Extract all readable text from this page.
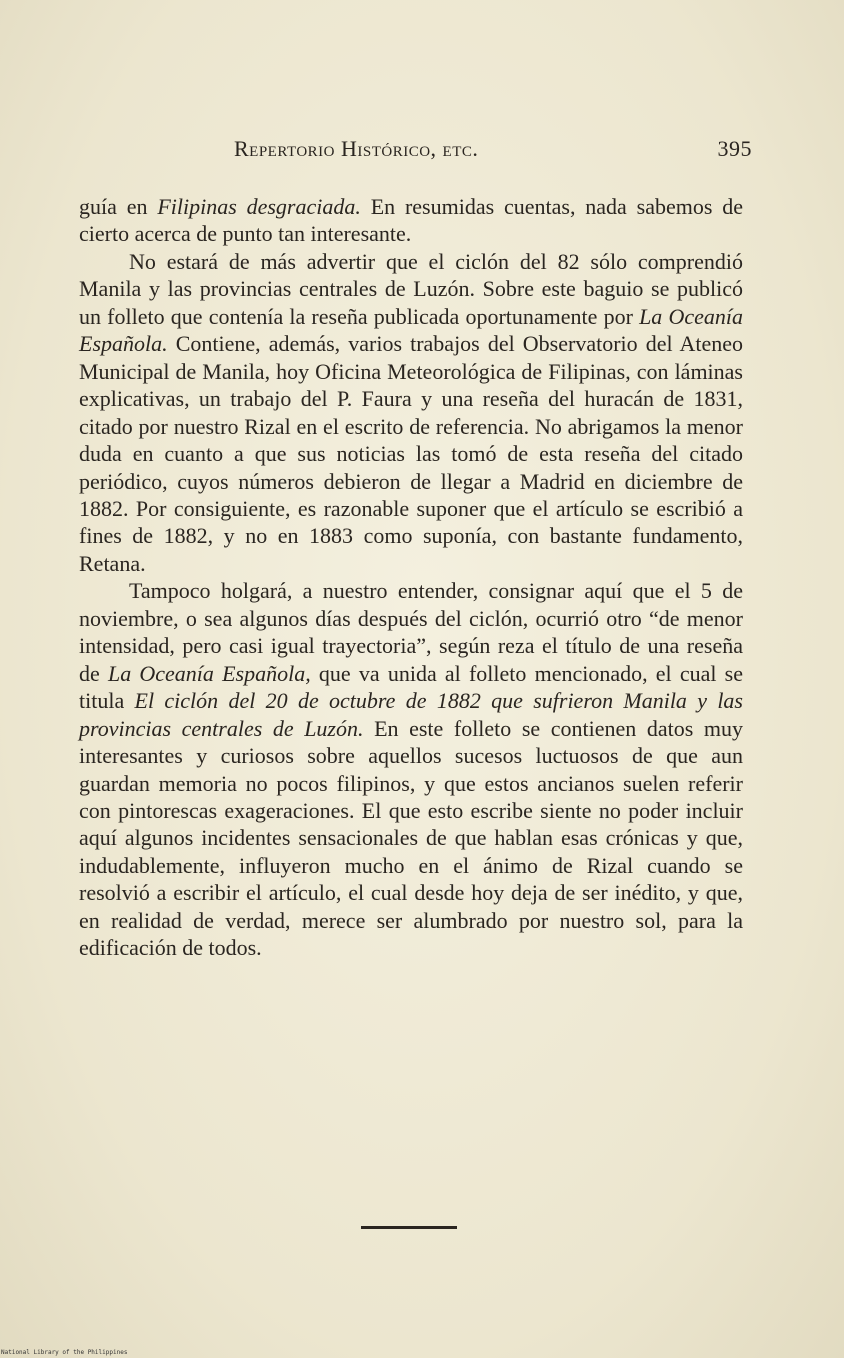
Repertorio Histórico, etc.	395

guía en Filipinas desgraciada. En resumidas cuentas, nada sabemos de cierto acerca de punto tan interesante.

No estará de más advertir que el ciclón del 82 sólo comprendió Manila y las provincias centrales de Luzón. Sobre este baguio se publicó un folleto que contenía la reseña publicada oportunamente por La Oceanía Española. Contiene, además, varios trabajos del Observatorio del Ateneo Municipal de Manila, hoy Oficina Meteorológica de Filipinas, con láminas explicativas, un trabajo del P. Faura y una reseña del huracán de 1831, citado por nuestro Rizal en el escrito de referencia. No abrigamos la menor duda en cuanto a que sus noticias las tomó de esta reseña del citado periódico, cuyos números debieron de llegar a Madrid en diciembre de 1882. Por consiguiente, es razonable suponer que el artículo se escribió a fines de 1882, y no en 1883 como suponía, con bastante fundamento, Retana.

Tampoco holgará, a nuestro entender, consignar aquí que el 5 de noviembre, o sea algunos días después del ciclón, ocurrió otro “de menor intensidad, pero casi igual trayectoria”, según reza el título de una reseña de La Oceanía Española, que va unida al folleto mencionado, el cual se titula El ciclón del 20 de octubre de 1882 que sufrieron Manila y las provincias centrales de Luzón. En este folleto se contienen datos muy interesantes y curiosos sobre aquellos sucesos luctuosos de que aun guardan memoria no pocos filipinos, y que estos ancianos suelen referir con pintorescas exageraciones. El que esto escribe siente no poder incluir aquí algunos incidentes sensacionales de que hablan esas crónicas y que, indudablemente, influyeron mucho en el ánimo de Rizal cuando se resolvió a escribir el artículo, el cual desde hoy deja de ser inédito, y que, en realidad de verdad, merece ser alumbrado por nuestro sol, para la edificación de todos.

National Library of the Philippines
